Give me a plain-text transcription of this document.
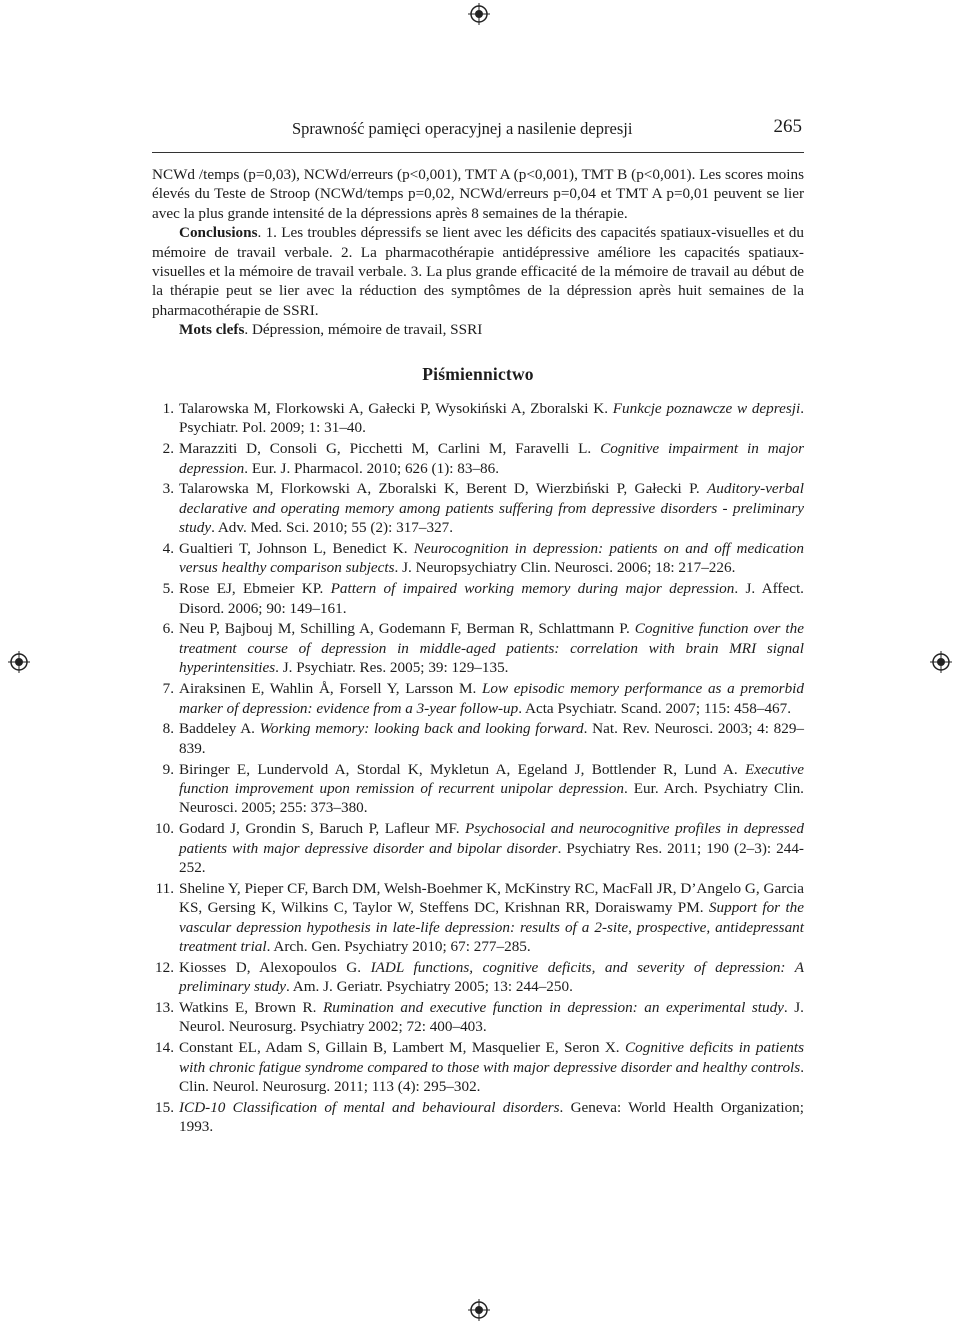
Sprawność pamięci operacyjnej a nasilenie depresji	265

NCWd /temps (p=0,03), NCWd/erreurs (p<0,001), TMT A (p<0,001), TMT B (p<0,001). Les scores moins élevés du Teste de Stroop (NCWd/temps p=0,02, NCWd/erreurs p=0,04 et TMT A p=0,01 peuvent se lier avec la plus grande intensité de la dépressions après 8 semaines de la thérapie.

Conclusions. 1. Les troubles dépressifs se lient avec les déficits des capacités spatiaux-visuelles et du mémoire de travail verbale. 2. La pharmacothérapie antidépressive améliore les capacités spatiaux-visuelles et la mémoire de travail verbale. 3. La plus grande efficacité de la mémoire de travail au début de la thérapie peut se lier avec la réduction des symptômes de la dépression après huit semaines de la pharmacothérapie de SSRI.

Mots clefs. Dépression, mémoire de travail, SSRI

Piśmiennictwo
1. Talarowska M, Florkowski A, Gałecki P, Wysokiński A, Zboralski K. Funkcje poznawcze w depresji. Psychiatr. Pol. 2009; 1: 31–40.
2. Marazziti D, Consoli G, Picchetti M, Carlini M, Faravelli L. Cognitive impairment in major depression. Eur. J. Pharmacol. 2010; 626 (1): 83–86.
3. Talarowska M, Florkowski A, Zboralski K, Berent D, Wierzbiński P, Gałecki P. Auditory-verbal declarative and operating memory among patients suffering from depressive disorders - preliminary study. Adv. Med. Sci. 2010; 55 (2): 317–327.
4. Gualtieri T, Johnson L, Benedict K. Neurocognition in depression: patients on and off medication versus healthy comparison subjects. J. Neuropsychiatry Clin. Neurosci. 2006; 18: 217–226.
5. Rose EJ, Ebmeier KP. Pattern of impaired working memory during major depression. J. Affect. Disord. 2006; 90: 149–161.
6. Neu P, Bajbouj M, Schilling A, Godemann F, Berman R, Schlattmann P. Cognitive function over the treatment course of depression in middle-aged patients: correlation with brain MRI signal hyperintensities. J. Psychiatr. Res. 2005; 39: 129–135.
7. Airaksinen E, Wahlin Å, Forsell Y, Larsson M. Low episodic memory performance as a premorbid marker of depression: evidence from a 3-year follow-up. Acta Psychiatr. Scand. 2007; 115: 458–467.
8. Baddeley A. Working memory: looking back and looking forward. Nat. Rev. Neurosci. 2003; 4: 829–839.
9. Biringer E, Lundervold A, Stordal K, Mykletun A, Egeland J, Bottlender R, Lund A. Executive function improvement upon remission of recurrent unipolar depression. Eur. Arch. Psychiatry Clin. Neurosci. 2005; 255: 373–380.
10. Godard J, Grondin S, Baruch P, Lafleur MF. Psychosocial and neurocognitive profiles in depressed patients with major depressive disorder and bipolar disorder. Psychiatry Res. 2011; 190 (2–3): 244-252.
11. Sheline Y, Pieper CF, Barch DM, Welsh-Boehmer K, McKinstry RC, MacFall JR, D’Angelo G, Garcia KS, Gersing K, Wilkins C, Taylor W, Steffens DC, Krishnan RR, Doraiswamy PM. Support for the vascular depression hypothesis in late-life depression: results of a 2-site, prospective, antidepressant treatment trial. Arch. Gen. Psychiatry 2010; 67: 277–285.
12. Kiosses D, Alexopoulos G. IADL functions, cognitive deficits, and severity of depression: A preliminary study. Am. J. Geriatr. Psychiatry 2005; 13: 244–250.
13. Watkins E, Brown R. Rumination and executive function in depression: an experimental study. J. Neurol. Neurosurg. Psychiatry 2002; 72: 400–403.
14. Constant EL, Adam S, Gillain B, Lambert M, Masquelier E, Seron X. Cognitive deficits in patients with chronic fatigue syndrome compared to those with major depressive disorder and healthy controls. Clin. Neurol. Neurosurg. 2011; 113 (4): 295–302.
15. ICD-10 Classification of mental and behavioural disorders. Geneva: World Health Organization; 1993.
